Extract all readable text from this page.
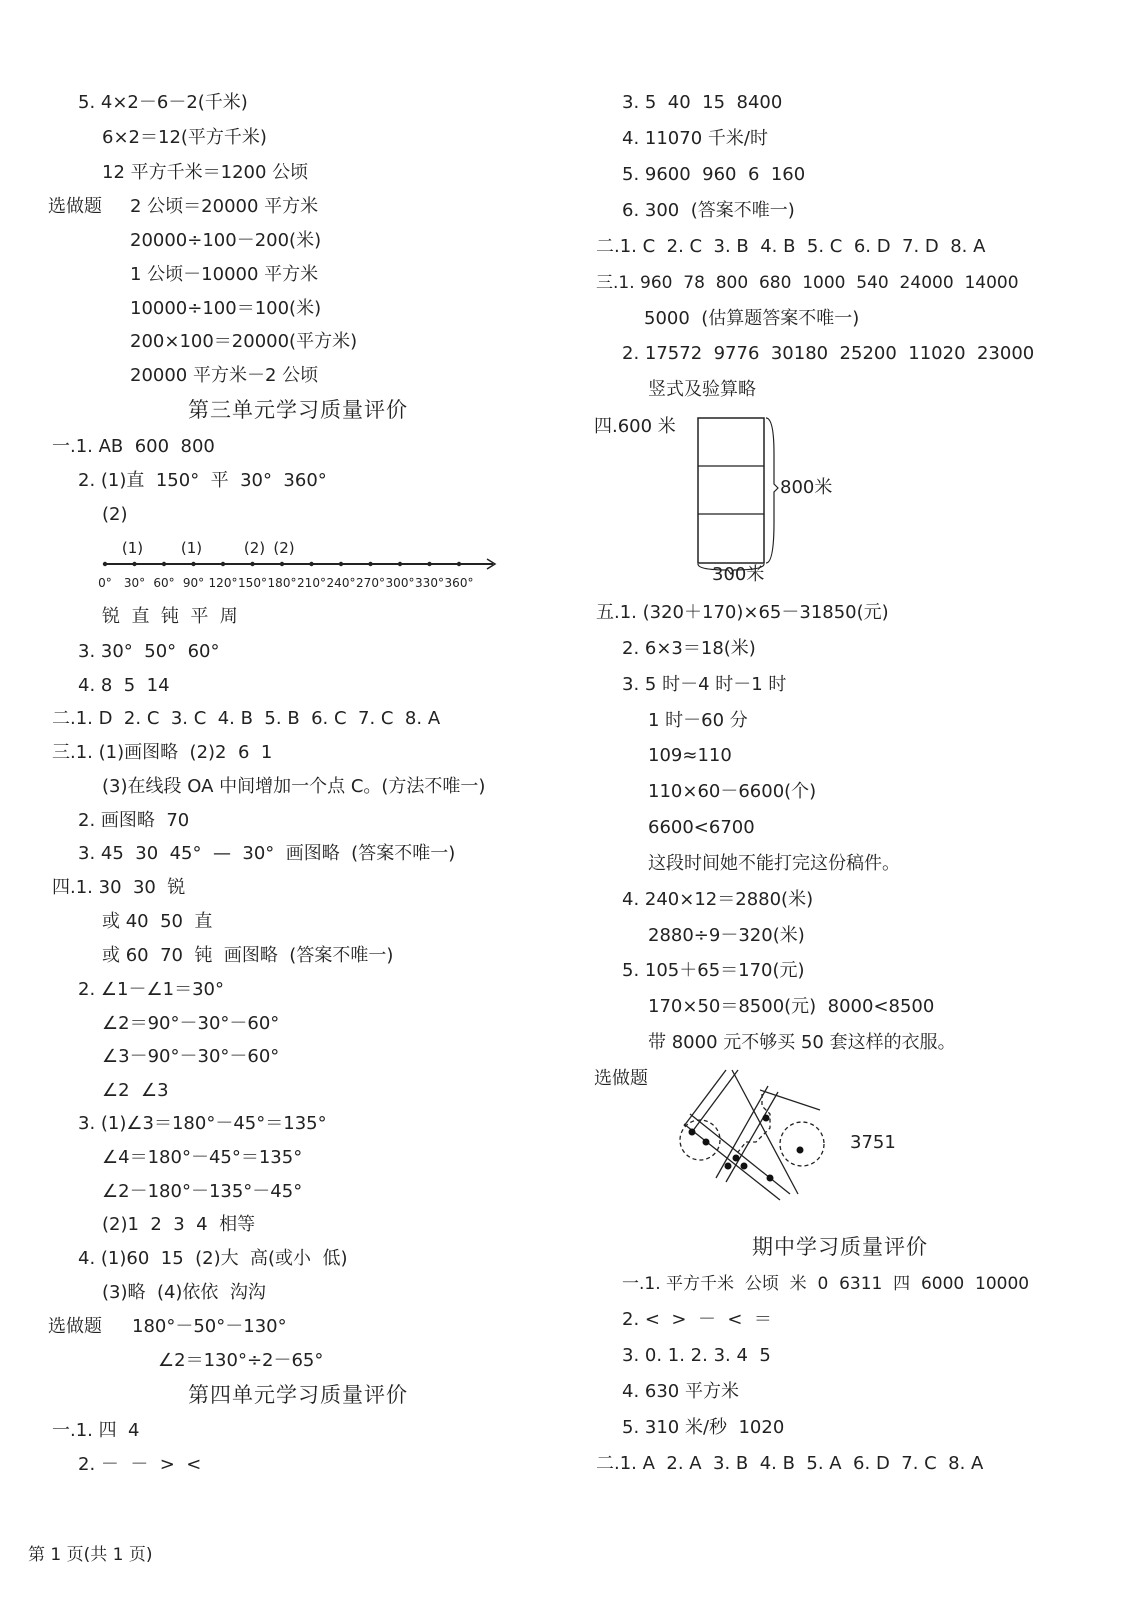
5. 4×2－6－2(千米)
6×2＝12(平方千米)
12 平方千米＝1200 公顷
选做题 2 公顷＝20000 平方米
20000÷100－200(米)
1 公顷－10000 平方米
10000÷100＝100(米)
200×100＝20000(平方米)
20000 平方米－2 公顷
第三单元学习质量评价
一.1. AB  600  800
2. (1)直  150°  平  30°  360°
(2)
(1)	(1)	(2) (2)
0° 30° 60° 90° 120° 150° 180° 210° 240° 270° 300° 330° 360°
锐  直  钝  平  周
3. 30°  50°  60°
4. 8  5  14
二.1. D  2. C  3. C  4. B  5. B  6. C  7. C  8. A
三.1. (1)画图略  (2)2  6  1
(3)在线段 OA 中间增加一个点 C。(方法不唯一)
2. 画图略  70
3. 45  30  45°  —  30°  画图略  (答案不唯一)
四.1. 30  30  锐
或 40  50  直
或 60  70  钝  画图略  (答案不唯一)
2. ∠1－∠1＝30°
∠2＝90°－30°－60°
∠3－90°－30°－60°
∠2  ∠3
3. (1)∠3＝180°－45°＝135°
∠4＝180°－45°＝135°
∠2－180°－135°－45°
(2)1  2  3  4  相等
4. (1)60  15  (2)大  高(或小  低)
(3)略  (4)依依  沟沟
选做题 180°－50°－130°
∠2＝130°÷2－65°
第四单元学习质量评价
一.1. 四  4
2. －  －  >  <
第 1 页(共 1 页)
3. 5  40  15  8400
4. 11070 千米/时
5. 9600  960  6  160
6. 300  (答案不唯一)
二.1. C  2. C  3. B  4. B  5. C  6. D  7. D  8. A
三.1. 960  78  800  680  1000  540  24000  14000
5000  (估算题答案不唯一)
2. 17572  9776  30180  25200  11020  23000
竖式及验算略
四.600 米
800米
300米
五.1. (320＋170)×65－31850(元)
2. 6×3＝18(米)
3. 5 时－4 时－1 时
1 时－60 分
109≈110
110×60－6600(个)
6600<6700
这段时间她不能打完这份稿件。
4. 240×12＝2880(米)
2880÷9－320(米)
5. 105＋65＝170(元)
170×50＝8500(元)  8000<8500
带 8000 元不够买 50 套这样的衣服。
选做题
3751
期中学习质量评价
一.1. 平方千米  公顷  米  0  6311  四  6000  10000
2. <  >  －  <  ＝
3. 0. 1. 2. 3. 4  5
4. 630 平方米
5. 310 米/秒  1020
二.1. A  2. A  3. B  4. B  5. A  6. D  7. C  8. A
